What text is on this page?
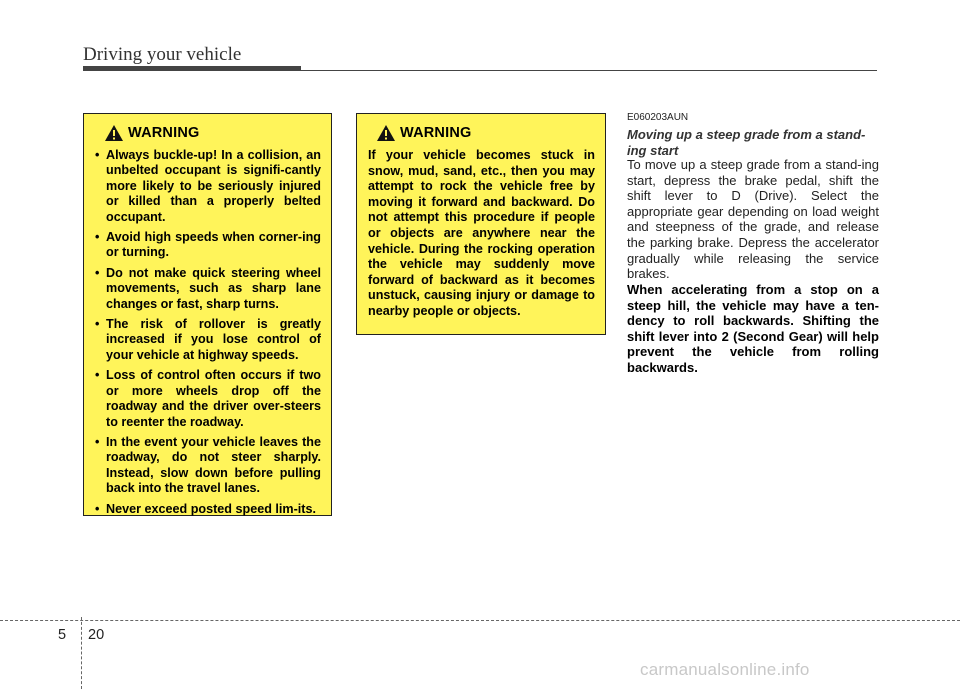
Driving your vehicle
WARNING
• Always buckle-up! In a collision, an unbelted occupant is signifi-cantly more likely to be seriously injured or killed than a properly belted occupant.
• Avoid high speeds when corner-ing or turning.
• Do not make quick steering wheel movements, such as sharp lane changes or fast, sharp turns.
• The risk of rollover is greatly increased if you lose control of your vehicle at highway speeds.
• Loss of control often occurs if two or more wheels drop off the roadway and the driver over-steers to reenter the roadway.
• In the event your vehicle leaves the roadway, do not steer sharply. Instead, slow down before pulling back into the travel lanes.
• Never exceed posted speed lim-its.
WARNING

If your vehicle becomes stuck in snow, mud, sand, etc., then you may attempt to rock the vehicle free by moving it forward and backward. Do not attempt this procedure if people or objects are anywhere near the vehicle. During the rocking operation the vehicle may suddenly move forward of backward as it becomes unstuck, causing injury or damage to nearby people or objects.

E060203AUN
Moving up a steep grade from a stand-ing start

To move up a steep grade from a stand-ing start, depress the brake pedal, shift the shift lever to D (Drive). Select the appropriate gear depending on load weight and steepness of the grade, and release the parking brake. Depress the accelerator gradually while releasing the service brakes.

When accelerating from a stop on a steep hill, the vehicle may have a ten-dency to roll backwards. Shifting the shift lever into 2 (Second Gear) will help prevent the vehicle from rolling backwards.

5 20
carmanualsonline.info
